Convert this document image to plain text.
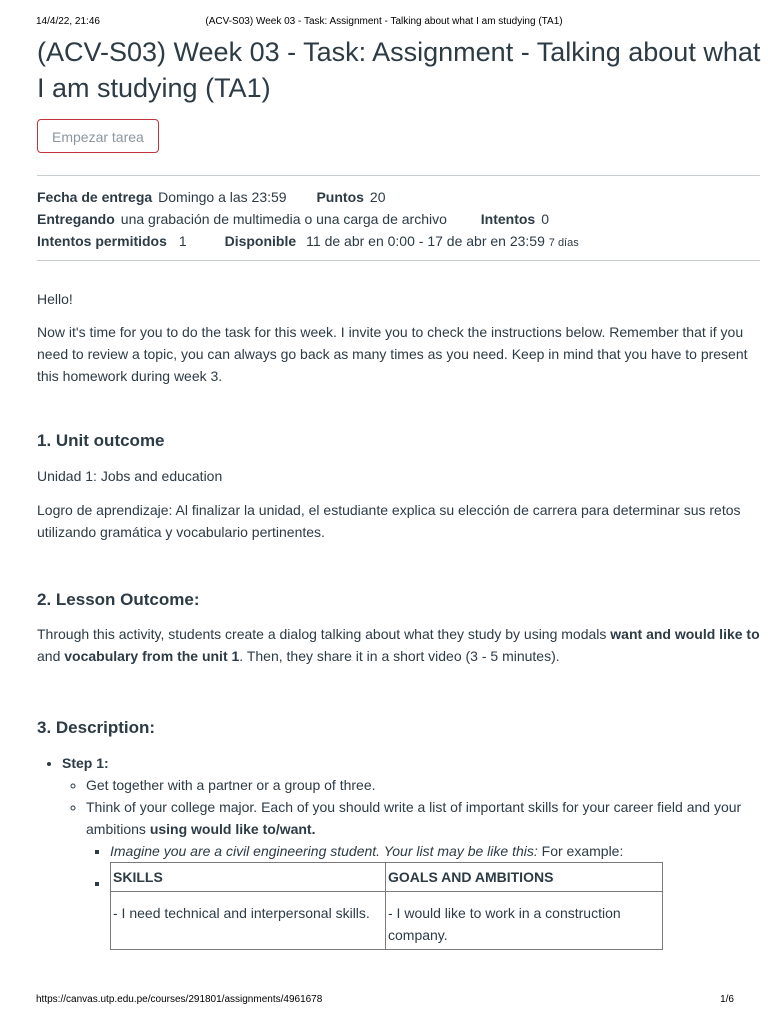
14/4/22, 21:46	(ACV-S03) Week 03 - Task: Assignment - Talking about what I am studying (TA1)
(ACV-S03) Week 03 - Task: Assignment - Talking about what I am studying (TA1)
Empezar tarea
Fecha de entrega Domingo a las 23:59 Puntos 20
Entregando una grabación de multimedia o una carga de archivo Intentos 0
Intentos permitidos 1	Disponible 11 de abr en 0:00 - 17 de abr en 23:59 7 días

Hello!

Now it's time for you to do the task for this week. I invite you to check the instructions below. Remember that if you need to review a topic, you can always go back as many times as you need. Keep in mind that you have to present this homework during week 3.

1. Unit outcome

Unidad 1: Jobs and education

Logro de aprendizaje: Al finalizar la unidad, el estudiante explica su elección de carrera para determinar sus retos utilizando gramática y vocabulario pertinentes.

2. Lesson Outcome:

Through this activity, students create a dialog talking about what they study by using modals want and would like to and vocabulary from the unit 1. Then, they share it in a short video (3 - 5 minutes).

3. Description:
• Step 1:
◦ Get together with a partner or a group of three.
◦ Think of your college major. Each of you should write a list of important skills for your career field and your ambitions using would like to/want.
▪ Imagine you are a civil engineering student. Your list may be like this: For example:
▪ SKILLS	GOALS AND AMBITIONS
- I need technical and interpersonal skills.	- I would like to work in a construction company.
https://canvas.utp.edu.pe/courses/291801/assignments/4961678	1/6
